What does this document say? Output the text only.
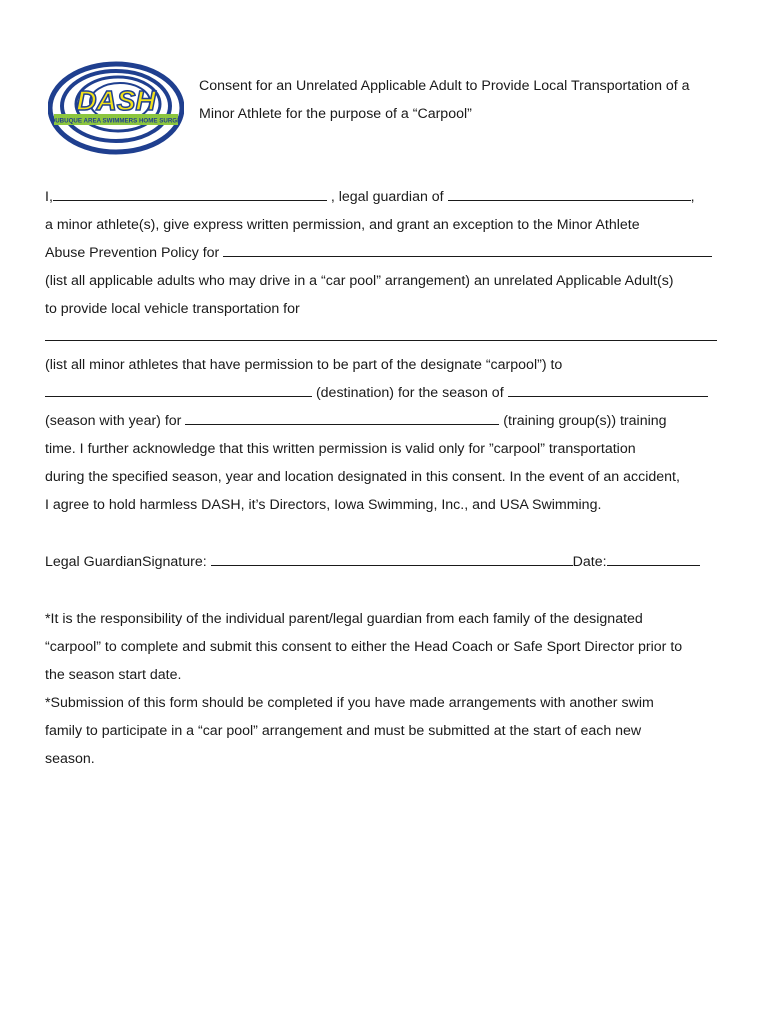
DASH
DUBUQUE AREA SWIMMERS HOME SURGE
Consent for an Unrelated Applicable Adult to Provide Local Transportation of a
Minor Athlete for the purpose of a “Carpool”
I,	, legal guardian of	,
a minor athlete(s), give express written permission, and grant an exception to the Minor Athlete
Abuse Prevention Policy for
(list all applicable adults who may drive in a “car pool” arrangement) an unrelated Applicable Adult(s)
to provide local vehicle transportation for
(list all minor athletes that have permission to be part of the designate “carpool”) to
(destination) for the season of
(season with year) for	(training group(s)) training
time. I further acknowledge that this written permission is valid only for ”carpool” transportation
during the specified season, year and location designated in this consent. In the event of an accident,
I agree to hold harmless DASH, it’s Directors, Iowa Swimming, Inc., and USA Swimming.
Legal GuardianSignature:	Date:
*It is the responsibility of the individual parent/legal guardian from each family of the designated
“carpool” to complete and submit this consent to either the Head Coach or Safe Sport Director prior to
the season start date.
*Submission of this form should be completed if you have made arrangements with another swim
family to participate in a “car pool” arrangement and must be submitted at the start of each new
season.
